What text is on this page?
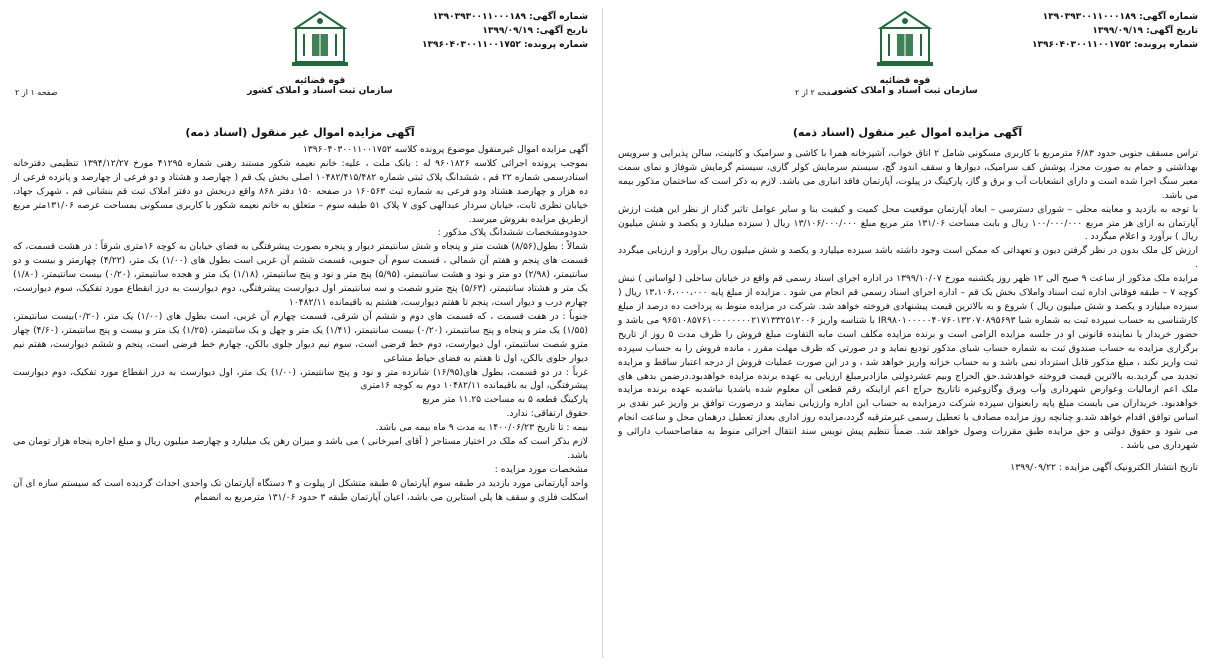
شماره آگهی: ۱۳۹۰۳۹۳۰۰۱۱۰۰۰۱۸۹
تاریخ آگهی: ۱۳۹۹/۰۹/۱۹
شماره پرونده: ۱۳۹۶۰۴۰۳۰۰۱۱۰۰۱۷۵۲
قوه قضائیه
سازمان ثبت اسناد و املاک کشور
صفحه ۲ از ۲
آگهی مزایده اموال غیر منقول (اسناد ذمه)

تراس مسقف جنوبی حدود ۶/۸۳ مترمربع با کاربری مسکونی شامل ۲ اتاق خواب، آشپزخانه همرا با کاشی و سرامیک و کابینت، سالن پذیرایی و سرویس بهداشتی و حمام به صورت مجزا، پوشش کف سرامیک، دیوارها و سقف اندود گچ، سیستم سرمایش کولر گازی، سیستم گرمایش شوفاژ و نمای سمت معبر سنگ اجرا شده است و دارای انشعابات آب و برق و گاز، پارکینگ در پیلوت، آپارتمان فاقد انباری می باشد. لازم به ذکر است که ساختمان مذکور بیمه می باشد.

با توجه به بازدید و معاینه محلی – شورای دسترسی – ابعاد آپارتمان موقعیت محل کمیت و کیفیت بنا و سایر عوامل تاثیر گذار از نظر این هیئت ارزش آپارتمان به ازای هر متر مربع ۱۰۰/۰۰۰/۰۰۰ ریال و بابت مساحت ۱۳۱/۰۶ متر مربع مبلغ ۱۳/۱۰۶/۰۰۰/۰۰۰ ریال ( سیزده میلیارد و یکصد و شش میلیون ریال ) برآورد و اعلام میگردد .

ارزش کل ملک بدون در نظر گرفتن دیون و تعهداتی که ممکن است وجود داشته باشد سیزده میلیارد و یکصد و شش میلیون ریال برآورد و ارزیابی میگردد .

مزایده ملک مذکور از ساعت ۹ صبح الی ۱۲ ظهر روز یکشنبه مورخ ۱۳۹۹/۱۰/۰۷ در اداره اجرای اسناد رسمی قم واقع در خیابان ساحلی ( لواسانی ) نبش کوچه ۷ – طبقه فوقانی اداره ثبت اسناد واملاک بخش یک قم – اداره اجرای اسناد رسمی قم انجام می شود . مزایده از مبلغ پایه ۱۳،۱۰۶،۰۰۰،۰۰۰ ریال ( سیزده میلیارد و یکصد و شش میلیون ریال ) شروع و به بالاترین قیمت پیشنهادی فروخته خواهد شد. شرکت در مزایده منوط به پرداخت ده درصد از مبلغ کارشناسی به حساب سپرده ثبت به شماره شبا IR۹۸۰۱۰۰۰۰۰۴۰۷۶۰۱۳۲۰۷۰۸۹۵۶۹۳ با شناسه واریز ۹۶۵۱۰۸۵۷۶۱۰۰۰۰۰۰۰۰۲۱۷۱۳۳۲۵۱۲۰۰۶ می باشد و حضور خریدار یا نماینده قانونی او در جلسه مزایده الزامی است و برنده مزایده مکلف است مابه التفاوت مبلغ فروش را ظرف مدت ۵ روز از تاریخ برگزاری مزایده به حساب صندوق ثبت به شماره حساب شبای مذکور تودیع نماید و در صورتی که ظرف مهلت مقرر ، مانده فروش را به حساب سپرده ثبت واریز نکند ، مبلغ مذکور قابل استرداد نمی باشد و به حساب خزانه واریز خواهد شد ، و در این صورت عملیات فروش از درجه اعتبار ساقط و مزایده تجدید می گردید.به بالاترین قیمت فروخته خواهدشد.حق الحراج وبیم عشردولتی مازادبرمبلغ ارزیابی به عهده برنده مزایده خواهدبود.درضمن بدهی های ملک اعم ازمالیات وعوارض شهرداری وآب وبرق وگازوغیره تاتاریخ حراج اعم ازاینکه رقم قطعی آن معلوم شده باشدیا نباشدبه عهده برنده مزایده خواهدبود. خریداران می بایست مبلغ پایه رابعنوان سپرده شرکت درمزایده به حساب این اداره وارزیابی نمایند و درصورت توافق بر واریز غیر نقدی بر اساس توافق اقدام خواهد شد.و چنانچه روز مزایده مصادف با تعطیل رسمی غیرمترقبه گردد،مزایده روز اداری بعداز تعطیل درهمان محل و ساعت انجام می شود و حقوق دولتی و حق مزایده طبق مقررات وصول خواهد شد. ضمناً تنظیم پیش نویس سند انتقال اجرائی منوط به مفاصاحساب دارائی و شهرداری می باشد .

تاریخ انتشار الکترونیک آگهی مزایده : ۱۳۹۹/۰۹/۲۲

شماره آگهی: ۱۳۹۰۳۹۳۰۰۱۱۰۰۰۱۸۹
تاریخ آگهی: ۱۳۹۹/۰۹/۱۹
شماره پرونده: ۱۳۹۶۰۴۰۳۰۰۱۱۰۰۱۷۵۲
قوه قضائیه
سازمان ثبت اسناد و املاک کشور
صفحه ۱ از ۲
آگهی مزایده اموال غیر منقول (اسناد ذمه)

آگهی مزایده اموال غیرمنقول موضوع پرونده کلاسه ۱۳۹۶۰۴۰۳۰۰۱۱۰۰۱۷۵۲

بموجب پرونده اجرائی کلاسه ۹۶۰۱۸۲۶ له : بانک ملت ، علیه: خانم نعیمه شکور مستند رهنی شماره ۴۱۲۹۵ مورخ ۱۳۹۴/۱۲/۲۷ تنظیمی دفترخانه اسنادرسمی شماره ۲۲ قم ، ششدانگ پلاک ثبتی شماره ۱۰۴۸۲/۴۱۵/۴۸۲ اصلی بخش یک قم ( چهارصد و هشتاد و دو فرعی از چهارصد و پانزده فرعی از ده هزار و چهارصد هشتاد ودو فرعی به شماره ثبت ۱۶۰۵۶۳ در صفحه ۱۵۰ دفتر ۸۶۸ واقع دربخش دو دفتر املاک ثبت قم بنشانی قم ، شهرک جهاد، خیابان نظری ثابت، خیابان سردار عبدالهی کوی ۷ پلاک ۵۱ طبقه سوم – متعلق به خانم نعیمه شکور با کاربری مسکونی بمساحت عرصه ۱۳۱/۰۶متر مربع ازطریق مزایده بفروش میرسد.

حدودومشخصات ششدانگ پلاک مذکور :

شمالاً : بطول(۸/۵۶) هشت متر و پنجاه و شش سانتیمتر دیوار و پنجره بصورت پیشرفتگی به فضای خیابان به کوچه ۱۶متری شرقاً : در هشت قسمت، که قسمت های پنجم و هفتم آن شمالی ، قسمت سوم آن جنوبی، قسمت ششم آن غربی است بطول های (۱/۰۰) یک متر، (۴/۲۲) چهارمتر و بیست و دو سانتیمتر، (۲/۹۸) دو متر و نود و هشت سانتیمتر، (۵/۹۵) پنج متر و نود و پنج سانتیمتر، (۱/۱۸) یک متر و هجده سانتیمتر، (۰/۲۰) بیست سانتیمتر، (۱/۸۰) یک متر و هشتاد سانتیمتر، (۵/۶۳) پنج مترو شصت و سه سانتیمتر اول دیوارست پیشرفتگی، دوم دیوارست به درز انقطاع مورد تفکیک، سوم دیوارست، چهارم درب و دیوار است، پنجم تا هفتم دیوارست، هشتم به باقیمانده ۱۰۴۸۲/۱۱

جنوباً : در هفت قسمت ، که قسمت های دوم و ششم آن شرقی، قسمت چهارم آن غربی، است بطول های (۱/۰۰) یک متر، (۰/۲۰)بیست سانتیمتر، (۱/۵۵) یک متر و پنجاه و پنج سانتیمتر، (۰/۲۰) بیست سانتیمتر، (۱/۴۱) یک متر و چهل و یک سانتیمتر، (۱/۲۵) یک متر و بیست و پنج سانتیمتر، (۴/۶۰) چهار مترو شصت سانتیمتر، اول دیوارست، دوم خط فرضی است، سوم نیم دیوار جلوی بالکن، چهارم خط فرضی است، پنجم و ششم دیوارست، هفتم نیم دیوار جلوی بالکن، اول تا هفتم به فضای حیاط مشاعی

غرباً : در دو قسمت، بطول های(۱۶/۹۵) شانزده متر و نود و پنج سانتیمتر، (۱/۰۰) یک متر، اول دیوارست به درز انقطاع مورد تفکیک، دوم دیوارست پیشرفتگی، اول به باقیمانده ۱۰۴۸۲/۱۱ دوم به کوچه ۱۶متری

پارکینگ قطعه ۵ به مساحت ۱۱.۲۵ متر مربع

حقوق ارتفاقی: ندارد.

بیمه : تا تاریخ ۱۴۰۰/۰۶/۲۳ به مدت ۹ ماه بیمه می باشد.

لازم بذکر است که ملک در اختیار مستاجر ( آقای امیرخانی ) می باشد و میزان رهن یک میلیارد و چهارصد میلیون ریال و مبلغ اجاره پنجاه هزار تومان می باشد.

مشخصات مورد مزایده :

واحد آپارتمانی مورد بازدید در طبقه سوم آپارتمان ۵ طبقه متشکل از پیلوت و ۴ دستگاه آپارتمان تک واحدی احداث گردیده است که سیستم سازه ای آن اسکلت فلزی و سقف ها پلی استایرن می باشد، اعیان آپارتمان طبقه ۳ حدود ۱۳۱/۰۶ مترمربع به انضمام
